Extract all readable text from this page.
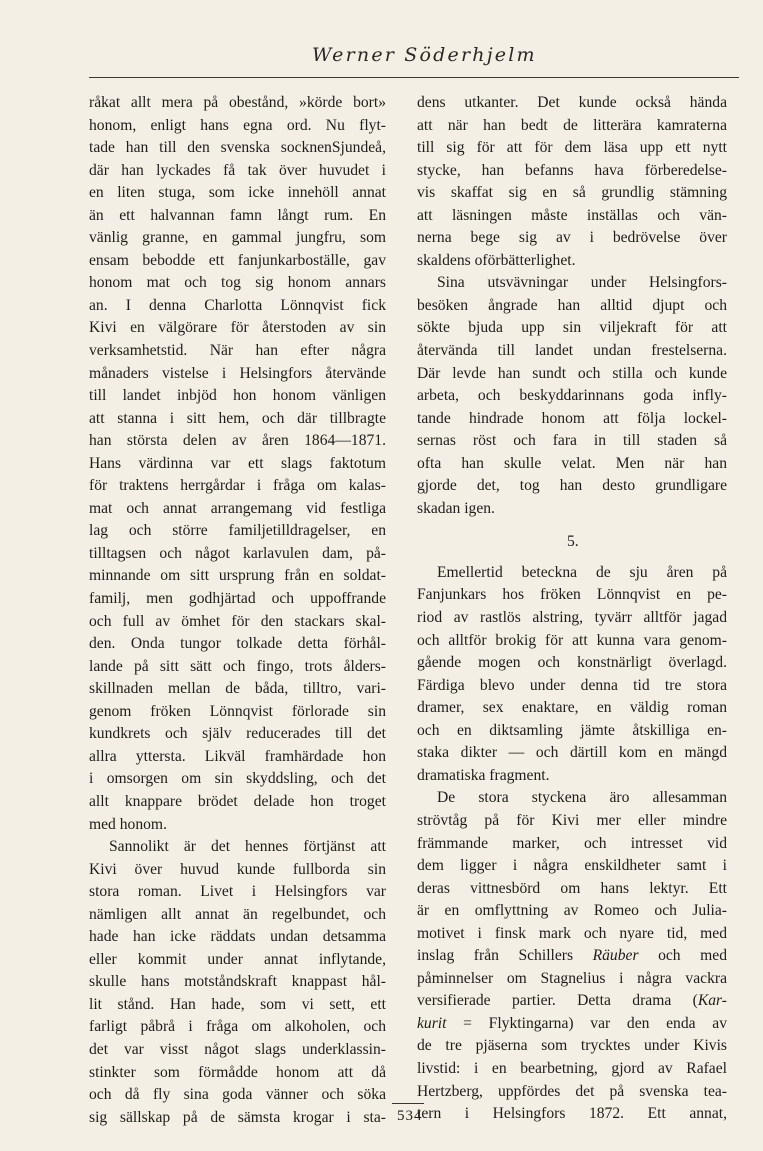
Werner Söderhjelm
råkat allt mera på obestånd, »körde bort»
honom, enligt hans egna ord. Nu flyt-
tade han till den svenska socknenSjundeå,
där han lyckades få tak över huvudet i
en liten stuga, som icke innehöll annat
än ett halvannan famn långt rum. En
vänlig granne, en gammal jungfru, som
ensam bebodde ett fanjunkarboställe, gav
honom mat och tog sig honom annars
an. I denna Charlotta Lönnqvist fick
Kivi en välgörare för återstoden av sin
verksamhetstid. När han efter några
månaders vistelse i Helsingfors återvände
till landet inbjöd hon honom vänligen
att stanna i sitt hem, och där tillbragte
han största delen av åren 1864—1871.
Hans värdinna var ett slags faktotum
för traktens herrgårdar i fråga om kalas-
mat och annat arrangemang vid festliga
lag och större familjetilldragelser, en
tilltagsen och något karlavulen dam, på-
minnande om sitt ursprung från en soldat-
familj, men godhjärtad och uppoffrande
och full av ömhet för den stackars skal-
den. Onda tungor tolkade detta förhål-
lande på sitt sätt och fingo, trots ålders-
skillnaden mellan de båda, tilltro, vari-
genom fröken Lönnqvist förlorade sin
kundkrets och själv reducerades till det
allra yttersta. Likväl framhärdade hon
i omsorgen om sin skyddsling, och det
allt knappare brödet delade hon troget
med honom.
Sannolikt är det hennes förtjänst att
Kivi över huvud kunde fullborda sin
stora roman. Livet i Helsingfors var
nämligen allt annat än regelbundet, och
hade han icke räddats undan detsamma
eller kommit under annat inflytande,
skulle hans motståndskraft knappast hål-
lit stånd. Han hade, som vi sett, ett
farligt påbrå i fråga om alkoholen, och
det var visst något slags underklassin-
stinkter som förmådde honom att då
och då fly sina goda vänner och söka
sig sällskap på de sämsta krogar i sta-
dens utkanter. Det kunde också hända
att när han bedt de litterära kamraterna
till sig för att för dem läsa upp ett nytt
stycke, han befanns hava förberedelse-
vis skaffat sig en så grundlig stämning
att läsningen måste inställas och vän-
nerna bege sig av i bedrövelse över
skaldens oförbätterlighet.
Sina utsvävningar under Helsingfors-
besöken ångrade han alltid djupt och
sökte bjuda upp sin viljekraft för att
återvända till landet undan frestelserna.
Där levde han sundt och stilla och kunde
arbeta, och beskyddarinnans goda infly-
tande hindrade honom att följa lockel-
sernas röst och fara in till staden så
ofta han skulle velat. Men när han
gjorde det, tog han desto grundligare
skadan igen.
5.
Emellertid beteckna de sju åren på
Fanjunkars hos fröken Lönnqvist en pe-
riod av rastlös alstring, tyvärr alltför jagad
och alltför brokig för att kunna vara genom-
gående mogen och konstnärligt överlagd.
Färdiga blevo under denna tid tre stora
dramer, sex enaktare, en väldig roman
och en diktsamling jämte åtskilliga en-
staka dikter — och därtill kom en mängd
dramatiska fragment.
De stora styckena äro allesamman
strövtåg på för Kivi mer eller mindre
främmande marker, och intresset vid
dem ligger i några enskildheter samt i
deras vittnesbörd om hans lektyr. Ett
är en omflyttning av Romeo och Julia-
motivet i finsk mark och nyare tid, med
inslag från Schillers Räuber och med
påminnelser om Stagnelius i några vackra
versifierade partier. Detta drama (Kar-
kurit = Flyktingarna) var den enda av
de tre pjäserna som trycktes under Kivis
livstid: i en bearbetning, gjord av Rafael
Hertzberg, uppfördes det på svenska tea-
tern i Helsingfors 1872. Ett annat,
534
